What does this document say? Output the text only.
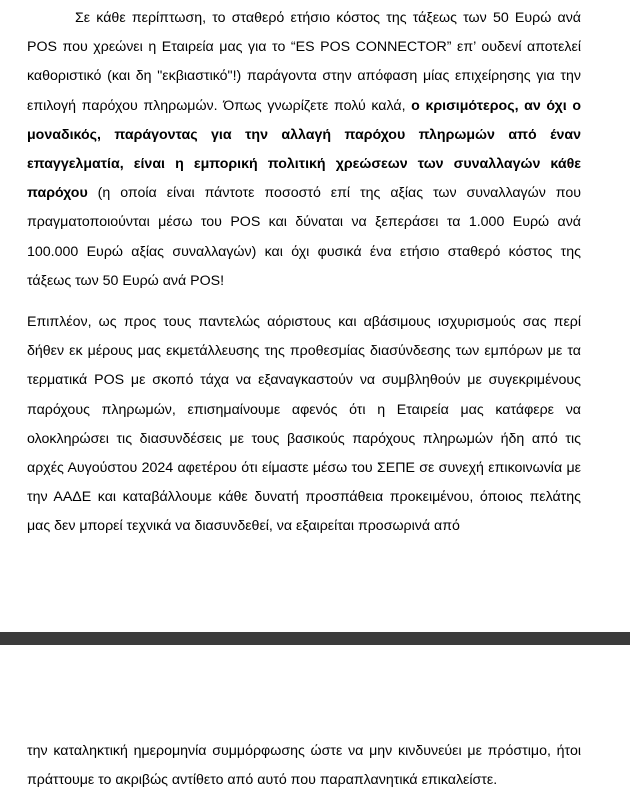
Σε κάθε περίπτωση, το σταθερό ετήσιο κόστος της τάξεως των 50 Ευρώ ανά POS που χρεώνει η Εταιρεία μας για το “ES POS CONNECTOR” επ’ ουδενί αποτελεί καθοριστικό (και δη "εκβιαστικό"!) παράγοντα στην απόφαση μίας επιχείρησης για την επιλογή παρόχου πληρωμών. Όπως γνωρίζετε πολύ καλά, ο κρισιμότερος, αν όχι ο μοναδικός, παράγοντας για την αλλαγή παρόχου πληρωμών από έναν επαγγελματία, είναι η εμπορική πολιτική χρεώσεων των συναλλαγών κάθε παρόχου (η οποία είναι πάντοτε ποσοστό επί της αξίας των συναλλαγών που πραγματοποιούνται μέσω του POS και δύναται να ξεπεράσει τα 1.000 Ευρώ ανά 100.000 Ευρώ αξίας συναλλαγών) και όχι φυσικά ένα ετήσιο σταθερό κόστος της τάξεως των 50 Ευρώ ανά POS!

Επιπλέον, ως προς τους παντελώς αόριστους και αβάσιμους ισχυρισμούς σας περί δήθεν εκ μέρους μας εκμετάλλευσης της προθεσμίας διασύνδεσης των εμπόρων με τα τερματικά POS με σκοπό τάχα να εξαναγκαστούν να συμβληθούν με συγεκριμένους παρόχους πληρωμών, επισημαίνουμε αφενός ότι η Εταιρεία μας κατάφερε να ολοκληρώσει τις διασυνδέσεις με τους βασικούς παρόχους πληρωμών ήδη από τις αρχές Αυγούστου 2024 αφετέρου ότι είμαστε μέσω του ΣΕΠΕ σε συνεχή επικοινωνία με την ΑΑΔΕ και καταβάλλουμε κάθε δυνατή προσπάθεια προκειμένου, όποιος πελάτης μας δεν μπορεί τεχνικά να διασυνδεθεί, να εξαιρείται προσωρινά από

την καταληκτική ημερομηνία συμμόρφωσης ώστε να μην κινδυνεύει με πρόστιμο, ήτοι πράττουμε το ακριβώς αντίθετο από αυτό που παραπλανητικά επικαλείστε.
